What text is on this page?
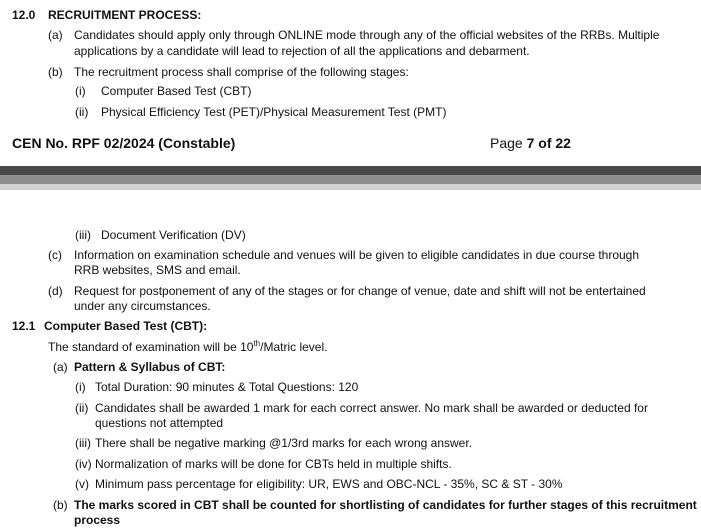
12.0 RECRUITMENT PROCESS:
(a) Candidates should apply only through ONLINE mode through any of the official websites of the RRBs. Multiple
applications by a candidate will lead to rejection of all the applications and debarment.
(b) The recruitment process shall comprise of the following stages:
(i) Computer Based Test (CBT)
(ii) Physical Efficiency Test (PET)/Physical Measurement Test (PMT)
CEN No. RPF 02/2024 (Constable)	Page 7 of 22
(iii) Document Verification (DV)
(c) Information on examination schedule and venues will be given to eligible candidates in due course through
RRB websites, SMS and email.
(d) Request for postponement of any of the stages or for change of venue, date and shift will not be entertained
under any circumstances.
12.1 Computer Based Test (CBT):
The standard of examination will be 10th/Matric level.
(a) Pattern & Syllabus of CBT:
(i) Total Duration: 90 minutes & Total Questions: 120
(ii) Candidates shall be awarded 1 mark for each correct answer. No mark shall be awarded or deducted for
questions not attempted
(iii) There shall be negative marking @1/3rd marks for each wrong answer.
(iv) Normalization of marks will be done for CBTs held in multiple shifts.
(v) Minimum pass percentage for eligibility: UR, EWS and OBC-NCL - 35%, SC & ST - 30%
(b) The marks scored in CBT shall be counted for shortlisting of candidates for further stages of this recruitment
process
